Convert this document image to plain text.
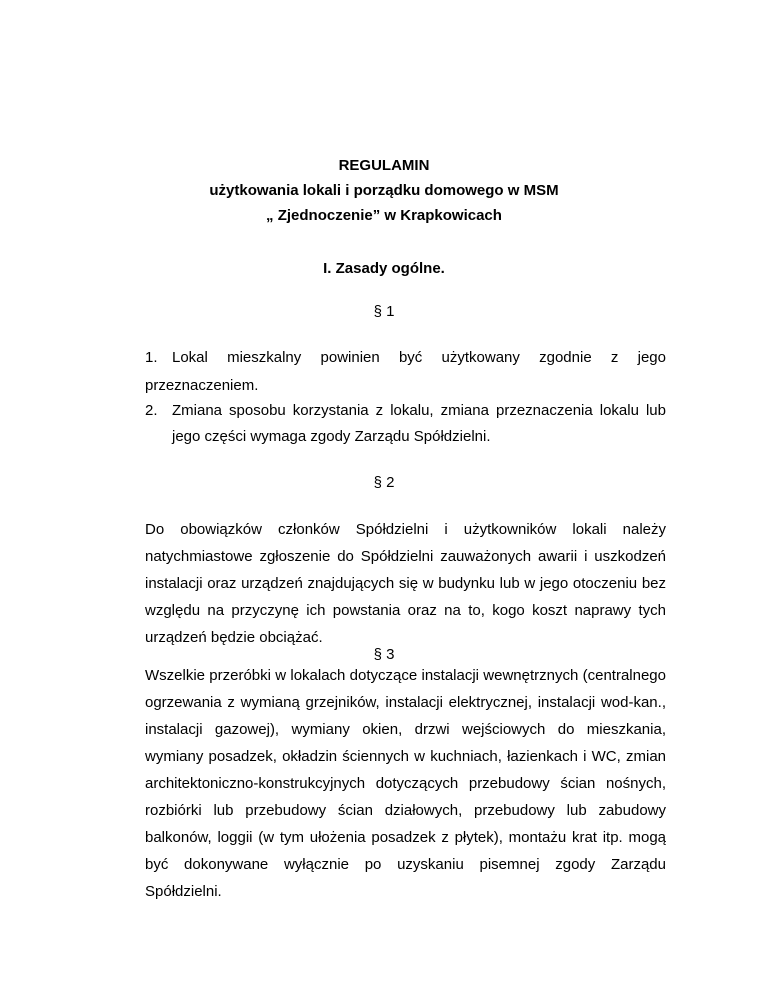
REGULAMIN

użytkowania lokali i porządku domowego w MSM

„ Zjednoczenie” w Krapkowicach

I. Zasady ogólne.

§ 1

1. Lokal mieszkalny powinien być użytkowany zgodnie z jego

przeznaczeniem.

2. Zmiana sposobu korzystania z lokalu, zmiana przeznaczenia lokalu lub jego części wymaga zgody Zarządu Spółdzielni.

§ 2

Do obowiązków członków Spółdzielni i użytkowników lokali należy natychmiastowe zgłoszenie do Spółdzielni zauważonych awarii i uszkodzeń instalacji oraz urządzeń znajdujących się w budynku lub w jego otoczeniu bez względu na przyczynę ich powstania oraz na to, kogo koszt naprawy tych urządzeń będzie obciążać.

§ 3

Wszelkie przeróbki w lokalach dotyczące instalacji wewnętrznych (centralnego ogrzewania z wymianą grzejników, instalacji elektrycznej, instalacji wod-kan., instalacji gazowej), wymiany okien, drzwi wejściowych do mieszkania, wymiany posadzek, okładzin ściennych w kuchniach, łazienkach i WC, zmian architektoniczno-konstrukcyjnych dotyczących przebudowy ścian nośnych, rozbiórki lub przebudowy ścian działowych, przebudowy lub zabudowy balkonów, loggii (w tym ułożenia posadzek z płytek), montażu krat itp. mogą być dokonywane wyłącznie po uzyskaniu pisemnej zgody Zarządu Spółdzielni.
